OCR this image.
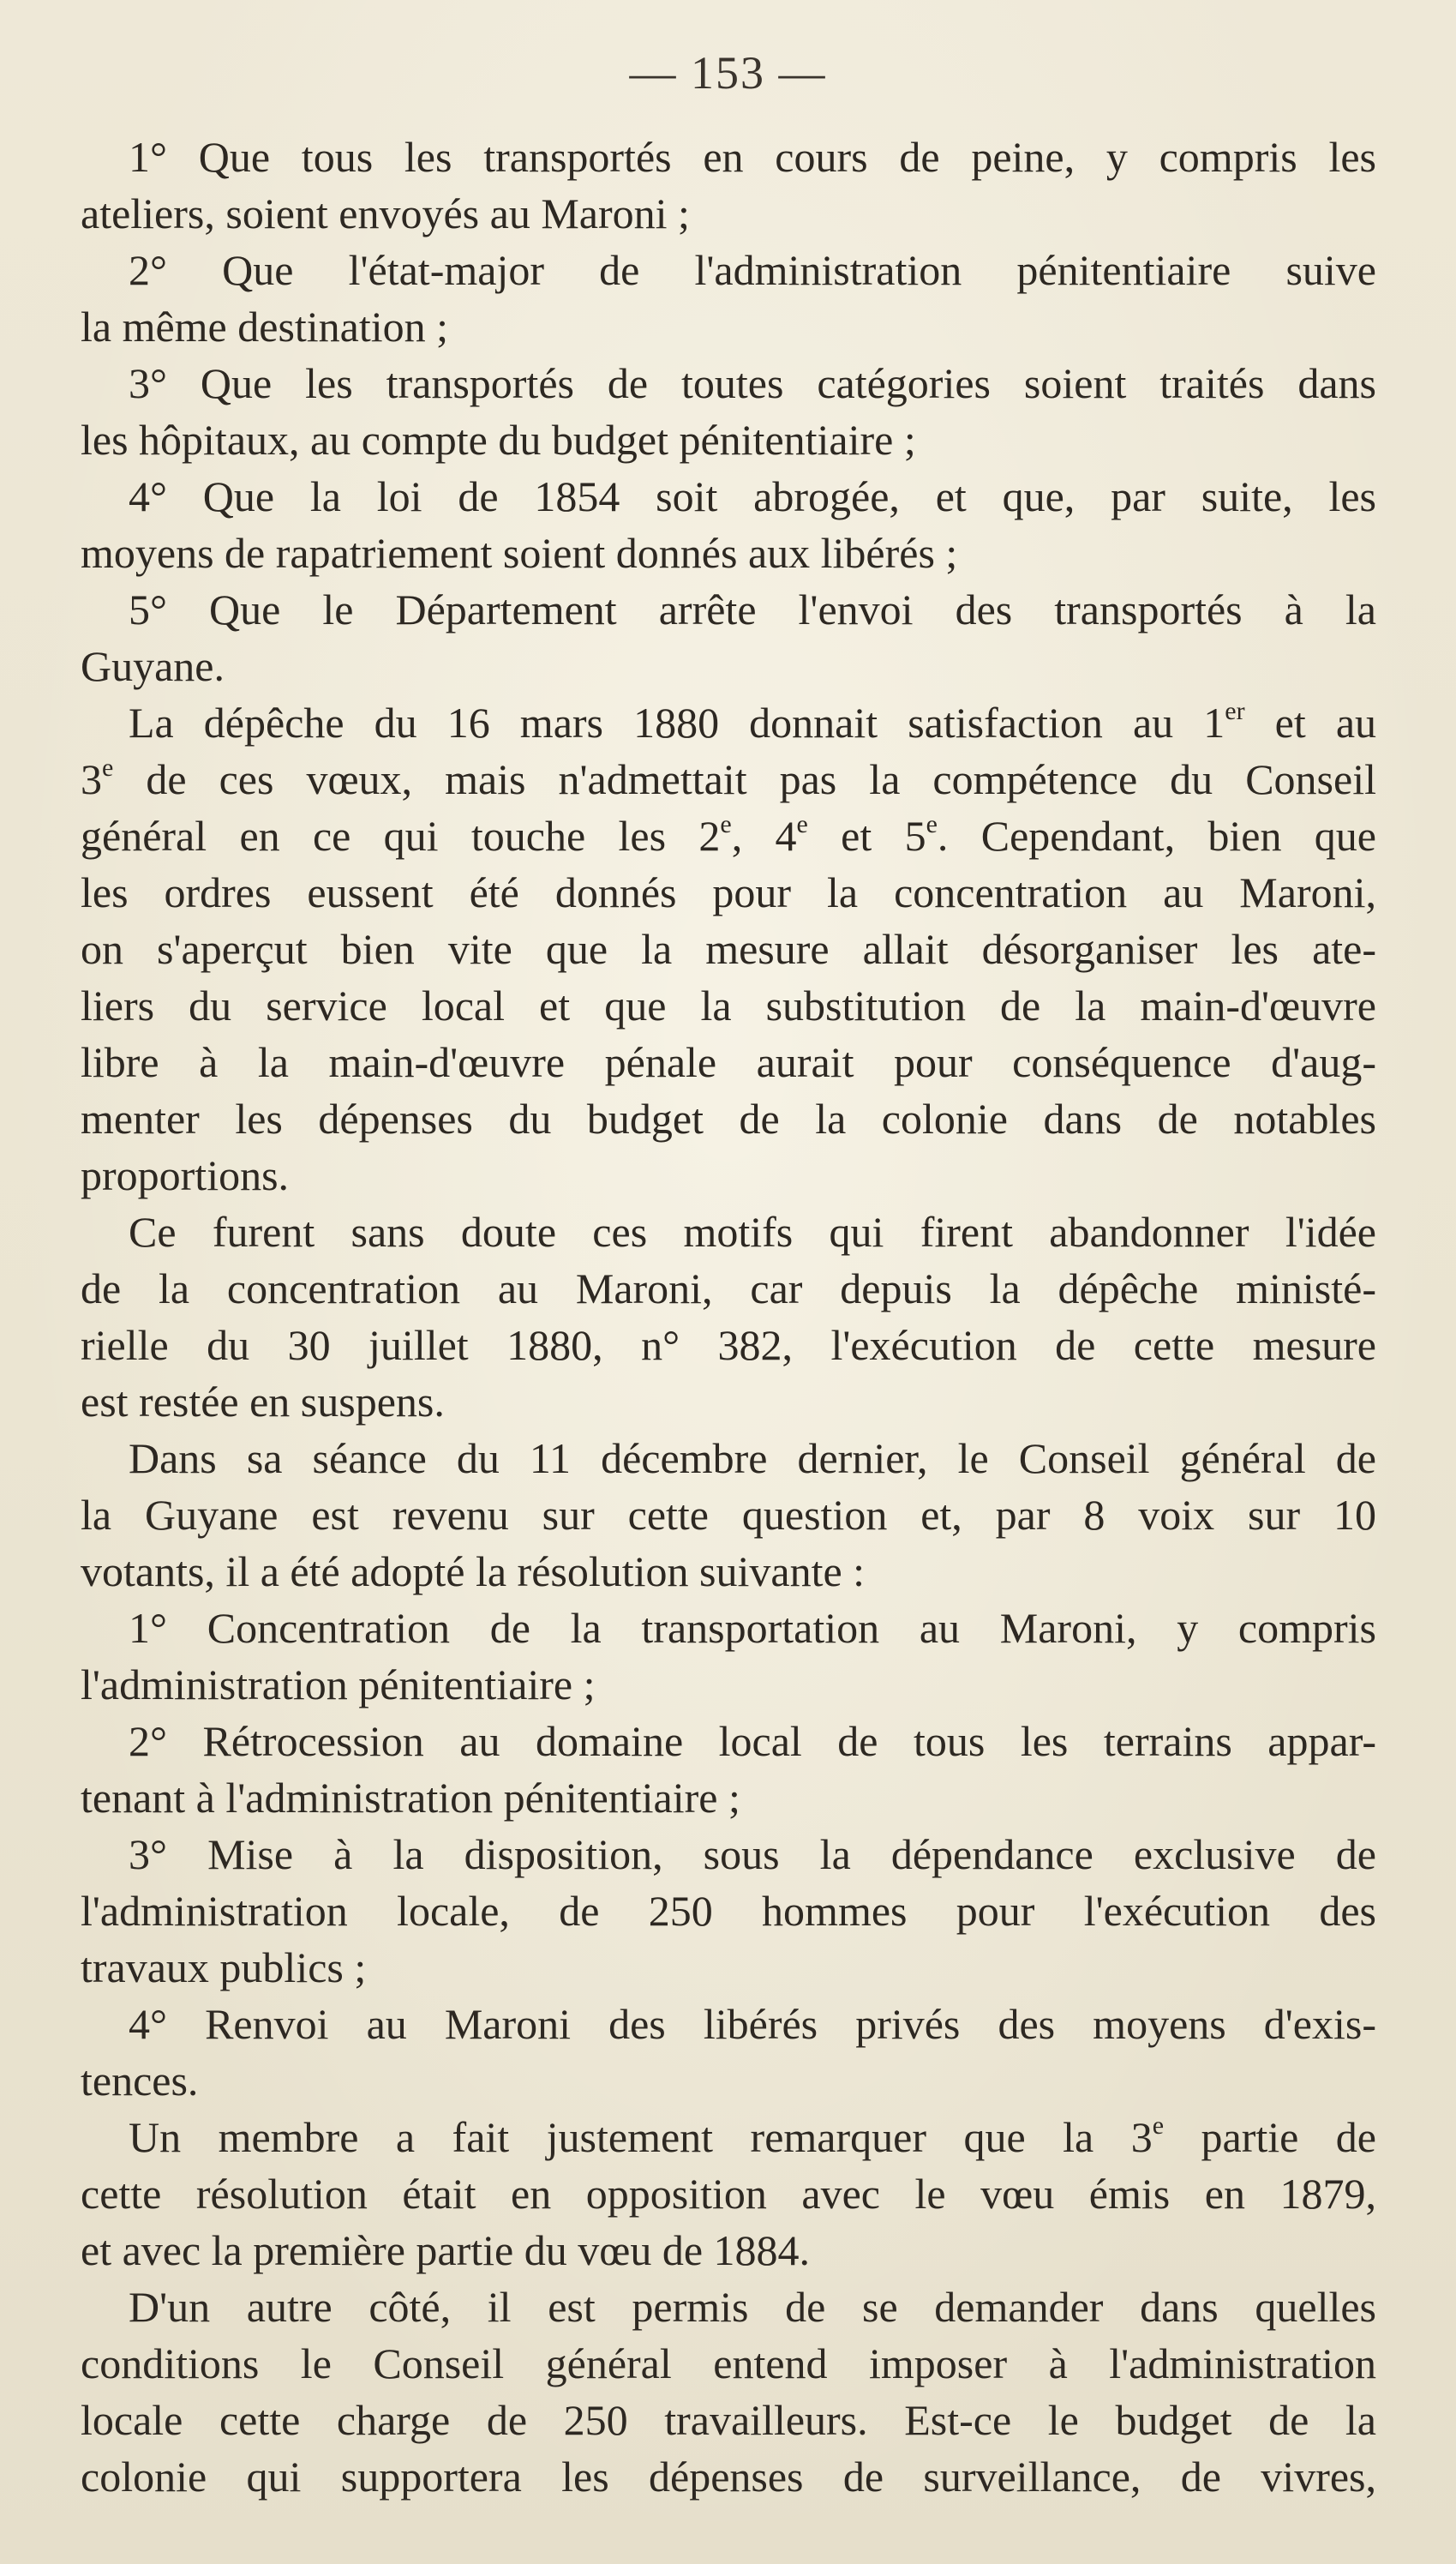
— 153 —
1° Que tous les transportés en cours de peine, y compris les
ateliers, soient envoyés au Maroni ;
2° Que l'état-major de l'administration pénitentiaire suive
la même destination ;
3° Que les transportés de toutes catégories soient traités dans
les hôpitaux, au compte du budget pénitentiaire ;
4° Que la loi de 1854 soit abrogée, et que, par suite, les
moyens de rapatriement soient donnés aux libérés ;
5° Que le Département arrête l'envoi des transportés à la
Guyane.
La dépêche du 16 mars 1880 donnait satisfaction au 1er et au
3e de ces vœux, mais n'admettait pas la compétence du Conseil
général en ce qui touche les 2e, 4e et 5e. Cependant, bien que
les ordres eussent été donnés pour la concentration au Maroni,
on s'aperçut bien vite que la mesure allait désorganiser les ate-
liers du service local et que la substitution de la main-d'œuvre
libre à la main-d'œuvre pénale aurait pour conséquence d'aug-
menter les dépenses du budget de la colonie dans de notables
proportions.
Ce furent sans doute ces motifs qui firent abandonner l'idée
de la concentration au Maroni, car depuis la dépêche ministé-
rielle du 30 juillet 1880, n° 382, l'exécution de cette mesure
est restée en suspens.
Dans sa séance du 11 décembre dernier, le Conseil général de
la Guyane est revenu sur cette question et, par 8 voix sur 10
votants, il a été adopté la résolution suivante :
1° Concentration de la transportation au Maroni, y compris
l'administration pénitentiaire ;
2° Rétrocession au domaine local de tous les terrains appar-
tenant à l'administration pénitentiaire ;
3° Mise à la disposition, sous la dépendance exclusive de
l'administration locale, de 250 hommes pour l'exécution des
travaux publics ;
4° Renvoi au Maroni des libérés privés des moyens d'exis-
tences.
Un membre a fait justement remarquer que la 3e partie de
cette résolution était en opposition avec le vœu émis en 1879,
et avec la première partie du vœu de 1884.
D'un autre côté, il est permis de se demander dans quelles
conditions le Conseil général entend imposer à l'administration
locale cette charge de 250 travailleurs. Est-ce le budget de la
colonie qui supportera les dépenses de surveillance, de vivres,
